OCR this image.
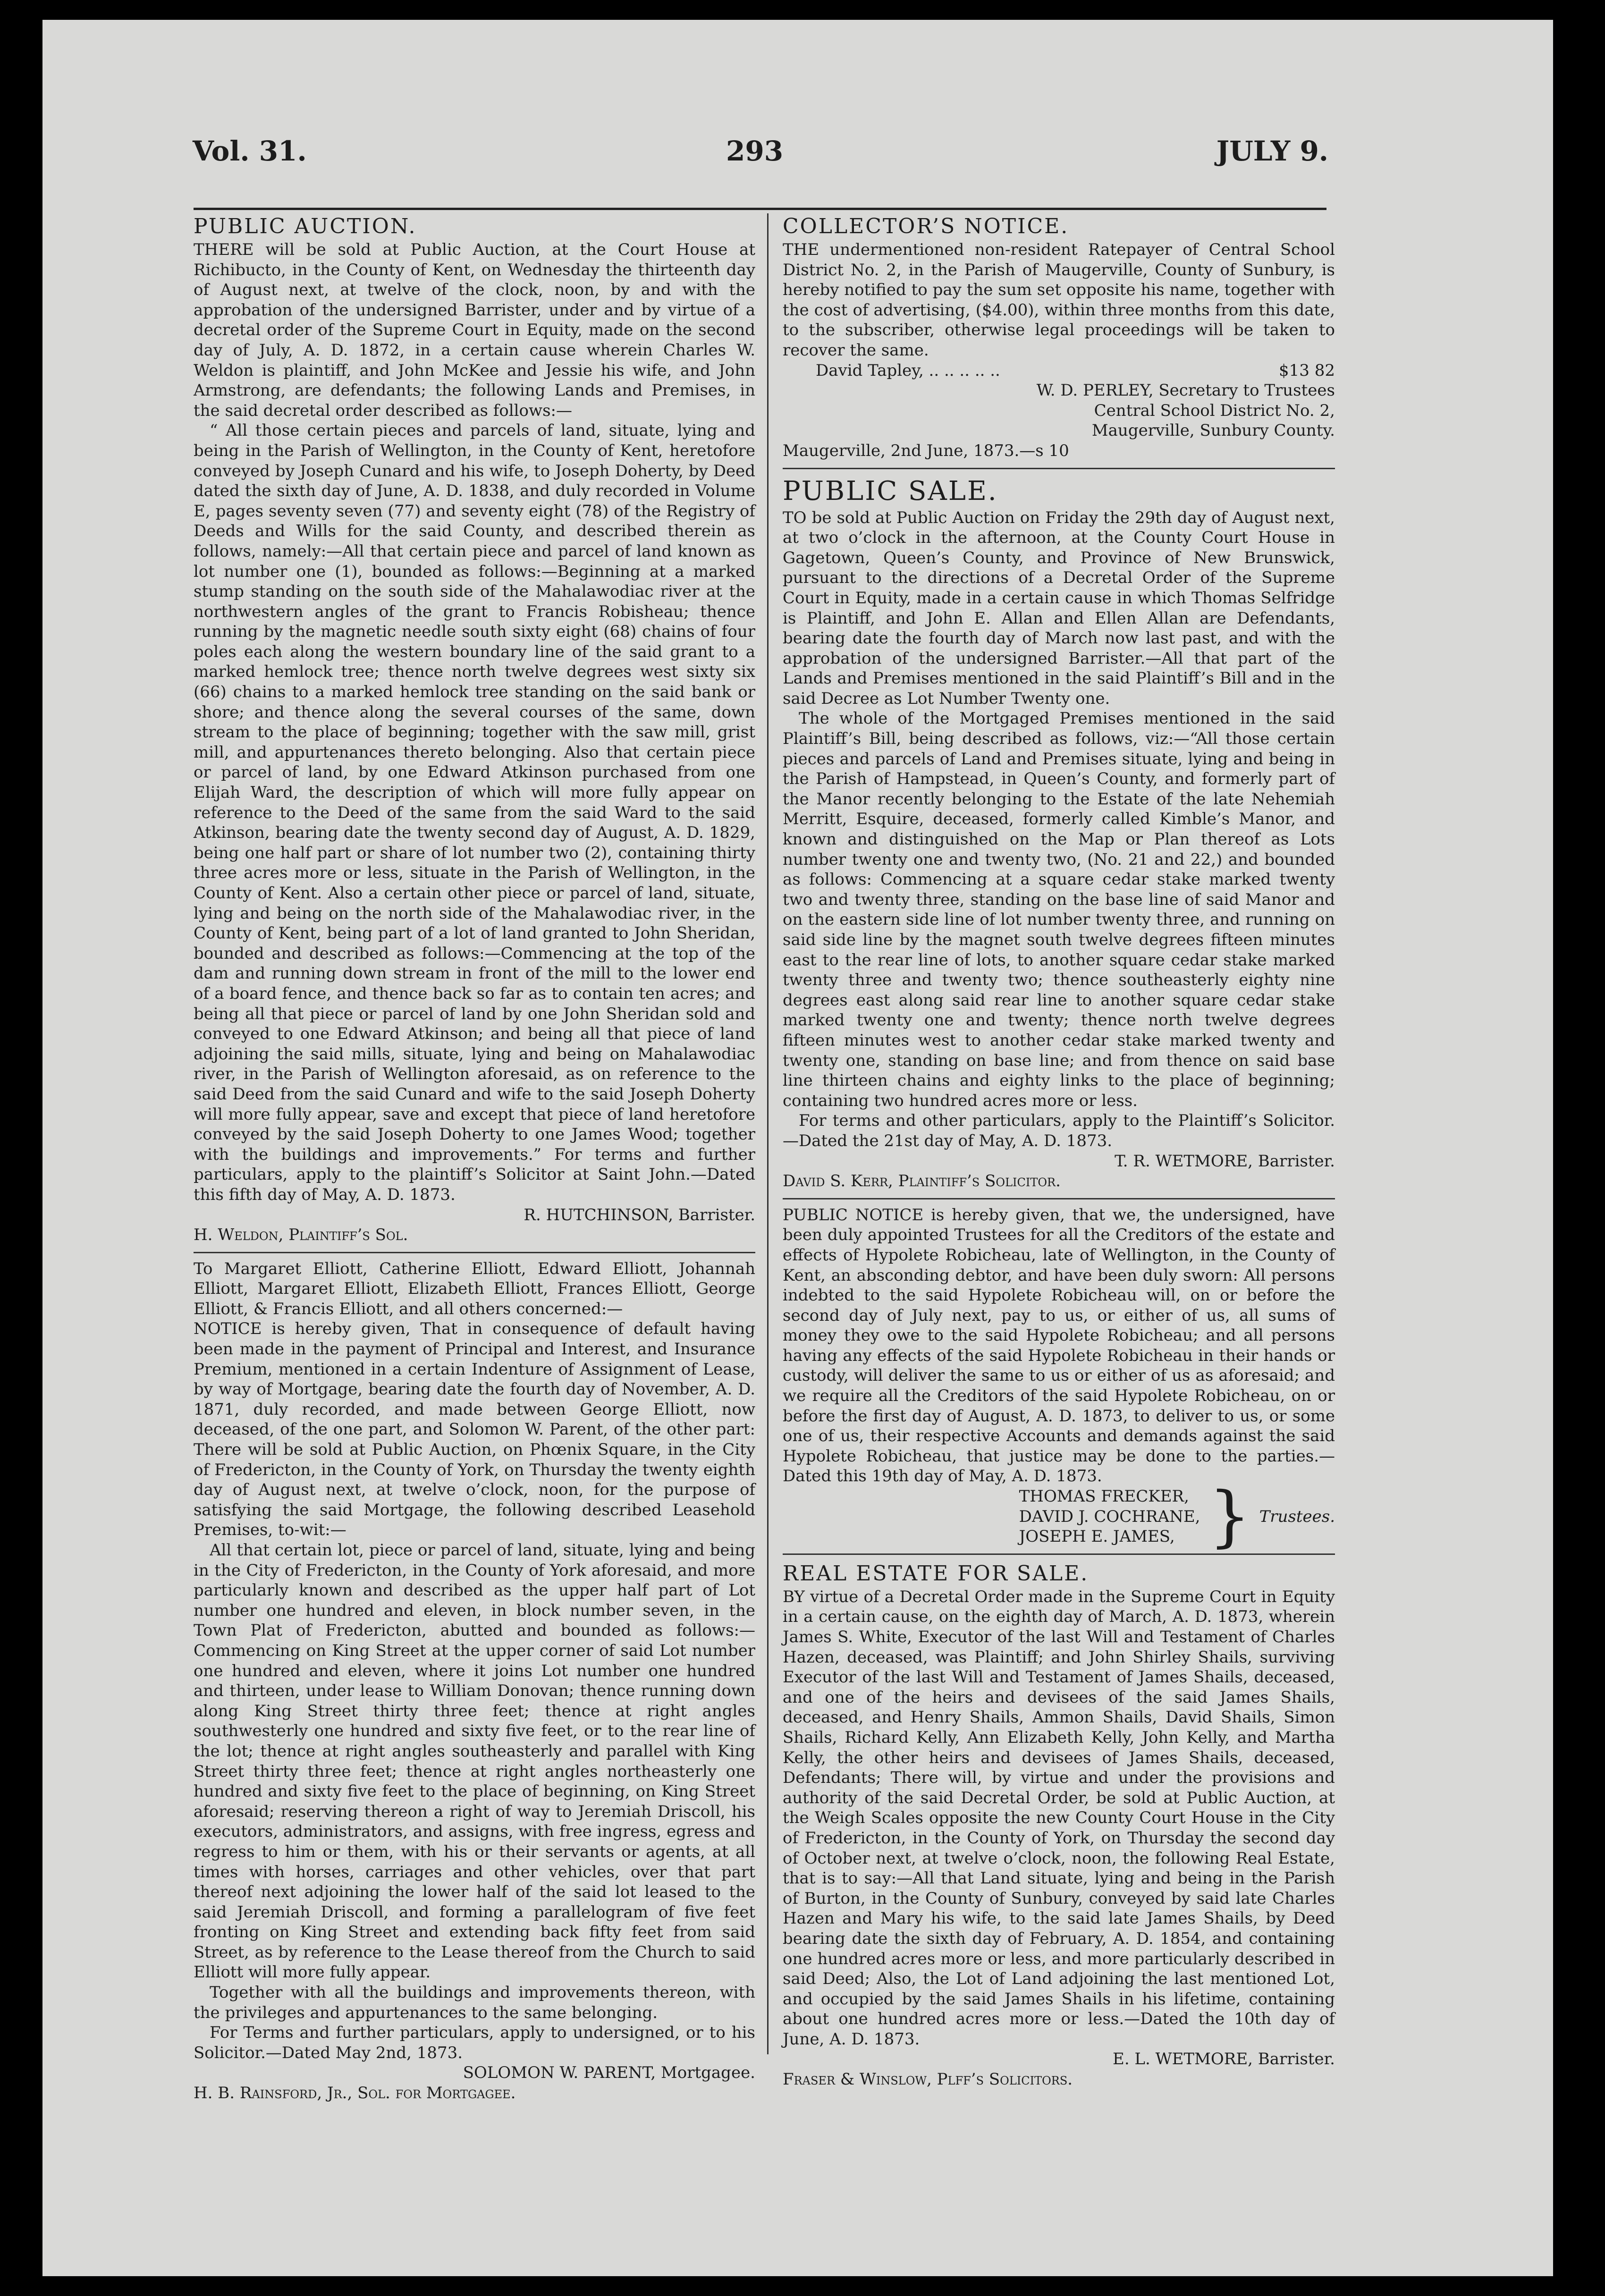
Vol. 31.	293	JULY 9.

PUBLIC AUCTION.

THERE will be sold at Public Auction, at the Court House at Richibucto, in the County of Kent, on Wednesday the thirteenth day of August next, at twelve of the clock, noon, by and with the approbation of the undersigned Barrister, under and by virtue of a decretal order of the Supreme Court in Equity, made on the second day of July, A. D. 1872, in a certain cause wherein Charles W. Weldon is plaintiff, and John McKee and Jessie his wife, and John Armstrong, are defendants; the following Lands and Premises, in the said decretal order described as follows:—

“ All those certain pieces and parcels of land, situate, lying and being in the Parish of Wellington, in the County of Kent, heretofore conveyed by Joseph Cunard and his wife, to Joseph Doherty, by Deed dated the sixth day of June, A. D. 1838, and duly recorded in Volume E, pages seventy seven (77) and seventy eight (78) of the Registry of Deeds and Wills for the said County, and described therein as follows, namely:—All that certain piece and parcel of land known as lot number one (1), bounded as follows:—Beginning at a marked stump standing on the south side of the Mahalawodiac river at the northwestern angles of the grant to Francis Robisheau; thence running by the magnetic needle south sixty eight (68) chains of four poles each along the western boundary line of the said grant to a marked hemlock tree; thence north twelve degrees west sixty six (66) chains to a marked hemlock tree standing on the said bank or shore; and thence along the several courses of the same, down stream to the place of beginning; together with the saw mill, grist mill, and appurtenances thereto belonging. Also that certain piece or parcel of land, by one Edward Atkinson purchased from one Elijah Ward, the description of which will more fully appear on reference to the Deed of the same from the said Ward to the said Atkinson, bearing date the twenty second day of August, A. D. 1829, being one half part or share of lot number two (2), containing thirty three acres more or less, situate in the Parish of Wellington, in the County of Kent. Also a certain other piece or parcel of land, situate, lying and being on the north side of the Mahalawodiac river, in the County of Kent, being part of a lot of land granted to John Sheridan, bounded and described as follows:—Commencing at the top of the dam and running down stream in front of the mill to the lower end of a board fence, and thence back so far as to contain ten acres; and being all that piece or parcel of land by one John Sheridan sold and conveyed to one Edward Atkinson; and being all that piece of land adjoining the said mills, situate, lying and being on Mahalawodiac river, in the Parish of Wellington aforesaid, as on reference to the said Deed from the said Cunard and wife to the said Joseph Doherty will more fully appear, save and except that piece of land heretofore conveyed by the said Joseph Doherty to one James Wood; together with the buildings and improvements.” For terms and further particulars, apply to the plaintiff’s Solicitor at Saint John.—Dated this fifth day of May, A. D. 1873.

R. HUTCHINSON, Barrister.

H. Weldon, Plaintiff’s Sol.

To Margaret Elliott, Catherine Elliott, Edward Elliott, Johannah Elliott, Margaret Elliott, Elizabeth Elliott, Frances Elliott, George Elliott, & Francis Elliott, and all others concerned:—

NOTICE is hereby given, That in consequence of default having been made in the payment of Principal and Interest, and Insurance Premium, mentioned in a certain Indenture of Assignment of Lease, by way of Mortgage, bearing date the fourth day of November, A. D. 1871, duly recorded, and made between George Elliott, now deceased, of the one part, and Solomon W. Parent, of the other part: There will be sold at Public Auction, on Phœnix Square, in the City of Fredericton, in the County of York, on Thursday the twenty eighth day of August next, at twelve o’clock, noon, for the purpose of satisfying the said Mortgage, the following described Leasehold Premises, to-wit:—

All that certain lot, piece or parcel of land, situate, lying and being in the City of Fredericton, in the County of York aforesaid, and more particularly known and described as the upper half part of Lot number one hundred and eleven, in block number seven, in the Town Plat of Fredericton, abutted and bounded as follows:—Commencing on King Street at the upper corner of said Lot number one hundred and eleven, where it joins Lot number one hundred and thirteen, under lease to William Donovan; thence running down along King Street thirty three feet; thence at right angles southwesterly one hundred and sixty five feet, or to the rear line of the lot; thence at right angles southeasterly and parallel with King Street thirty three feet; thence at right angles northeasterly one hundred and sixty five feet to the place of beginning, on King Street aforesaid; reserving thereon a right of way to Jeremiah Driscoll, his executors, administrators, and assigns, with free ingress, egress and regress to him or them, with his or their servants or agents, at all times with horses, carriages and other vehicles, over that part thereof next adjoining the lower half of the said lot leased to the said Jeremiah Driscoll, and forming a parallelogram of five feet fronting on King Street and extending back fifty feet from said Street, as by reference to the Lease thereof from the Church to said Elliott will more fully appear.

Together with all the buildings and improvements thereon, with the privileges and appurtenances to the same belonging.

For Terms and further particulars, apply to undersigned, or to his Solicitor.—Dated May 2nd, 1873.

SOLOMON W. PARENT, Mortgagee.

H. B. Rainsford, Jr., Sol. for Mortgagee.

COLLECTOR’S NOTICE.

THE undermentioned non-resident Ratepayer of Central School District No. 2, in the Parish of Maugerville, County of Sunbury, is hereby notified to pay the sum set opposite his name, together with the cost of advertising, ($4.00), within three months from this date, to the subscriber, otherwise legal proceedings will be taken to recover the same.

David Tapley, .. .. .. .. ..	$13 82

W. D. PERLEY, Secretary to Trustees

Central School District No. 2,

Maugerville, Sunbury County.

Maugerville, 2nd June, 1873.—s 10

PUBLIC SALE.

TO be sold at Public Auction on Friday the 29th day of August next, at two o’clock in the afternoon, at the County Court House in Gagetown, Queen’s County, and Province of New Brunswick, pursuant to the directions of a Decretal Order of the Supreme Court in Equity, made in a certain cause in which Thomas Selfridge is Plaintiff, and John E. Allan and Ellen Allan are Defendants, bearing date the fourth day of March now last past, and with the approbation of the undersigned Barrister.—All that part of the Lands and Premises mentioned in the said Plaintiff’s Bill and in the said Decree as Lot Number Twenty one.

The whole of the Mortgaged Premises mentioned in the said Plaintiff’s Bill, being described as follows, viz:—“All those certain pieces and parcels of Land and Premises situate, lying and being in the Parish of Hampstead, in Queen’s County, and formerly part of the Manor recently belonging to the Estate of the late Nehemiah Merritt, Esquire, deceased, formerly called Kimble’s Manor, and known and distinguished on the Map or Plan thereof as Lots number twenty one and twenty two, (No. 21 and 22,) and bounded as follows: Commencing at a square cedar stake marked twenty two and twenty three, standing on the base line of said Manor and on the eastern side line of lot number twenty three, and running on said side line by the magnet south twelve degrees fifteen minutes east to the rear line of lots, to another square cedar stake marked twenty three and twenty two; thence southeasterly eighty nine degrees east along said rear line to another square cedar stake marked twenty one and twenty; thence north twelve degrees fifteen minutes west to another cedar stake marked twenty and twenty one, standing on base line; and from thence on said base line thirteen chains and eighty links to the place of beginning; containing two hundred acres more or less.

For terms and other particulars, apply to the Plaintiff’s Solicitor.—Dated the 21st day of May, A. D. 1873.

T. R. WETMORE, Barrister.

David S. Kerr, Plaintiff’s Solicitor.

PUBLIC NOTICE is hereby given, that we, the undersigned, have been duly appointed Trustees for all the Creditors of the estate and effects of Hypolete Robicheau, late of Wellington, in the County of Kent, an absconding debtor, and have been duly sworn: All persons indebted to the said Hypolete Robicheau will, on or before the second day of July next, pay to us, or either of us, all sums of money they owe to the said Hypolete Robicheau; and all persons having any effects of the said Hypolete Robicheau in their hands or custody, will deliver the same to us or either of us as aforesaid; and we require all the Creditors of the said Hypolete Robicheau, on or before the first day of August, A. D. 1873, to deliver to us, or some one of us, their respective Accounts and demands against the said Hypolete Robicheau, that justice may be done to the parties.—Dated this 19th day of May, A. D. 1873.

THOMAS FRECKER,
DAVID J. COCHRANE,
JOSEPH E. JAMES, } Trustees.

REAL ESTATE FOR SALE.

BY virtue of a Decretal Order made in the Supreme Court in Equity in a certain cause, on the eighth day of March, A. D. 1873, wherein James S. White, Executor of the last Will and Testament of Charles Hazen, deceased, was Plaintiff; and John Shirley Shails, surviving Executor of the last Will and Testament of James Shails, deceased, and one of the heirs and devisees of the said James Shails, deceased, and Henry Shails, Ammon Shails, David Shails, Simon Shails, Richard Kelly, Ann Elizabeth Kelly, John Kelly, and Martha Kelly, the other heirs and devisees of James Shails, deceased, Defendants; There will, by virtue and under the provisions and authority of the said Decretal Order, be sold at Public Auction, at the Weigh Scales opposite the new County Court House in the City of Fredericton, in the County of York, on Thursday the second day of October next, at twelve o’clock, noon, the following Real Estate, that is to say:—All that Land situate, lying and being in the Parish of Burton, in the County of Sunbury, conveyed by said late Charles Hazen and Mary his wife, to the said late James Shails, by Deed bearing date the sixth day of February, A. D. 1854, and containing one hundred acres more or less, and more particularly described in said Deed; Also, the Lot of Land adjoining the last mentioned Lot, and occupied by the said James Shails in his lifetime, containing about one hundred acres more or less.—Dated the 10th day of June, A. D. 1873.

E. L. WETMORE, Barrister.

Fraser & Winslow, Plff’s Solicitors.
